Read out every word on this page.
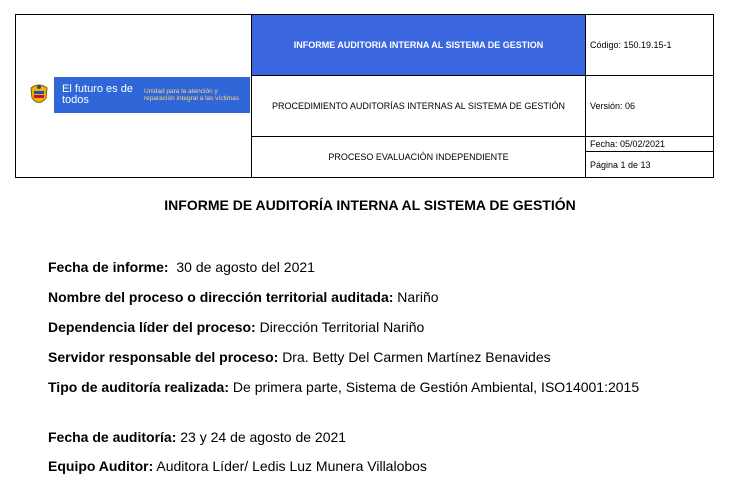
El futuro es de todos
Unidad para la atención y reparación integral a las víctimas
INFORME AUDITORIA INTERNA AL SISTEMA DE GESTION
PROCEDIMIENTO AUDITORÍAS INTERNAS AL SISTEMA DE GESTIÓN
PROCESO EVALUACIÓN INDEPENDIENTE
Código: 150.19.15-1
Versión: 06
Fecha: 05/02/2021
Página 1 de 13
INFORME DE AUDITORÍA INTERNA AL SISTEMA DE GESTIÓN
Fecha de informe: 30 de agosto del 2021
Nombre del proceso o dirección territorial auditada: Nariño
Dependencia líder del proceso: Dirección Territorial Nariño
Servidor responsable del proceso: Dra. Betty Del Carmen Martínez Benavides
Tipo de auditoría realizada: De primera parte, Sistema de Gestión Ambiental, ISO14001:2015
Fecha de auditoría: 23 y 24 de agosto de 2021
Equipo Auditor: Auditora Líder/ Ledis Luz Munera Villalobos
